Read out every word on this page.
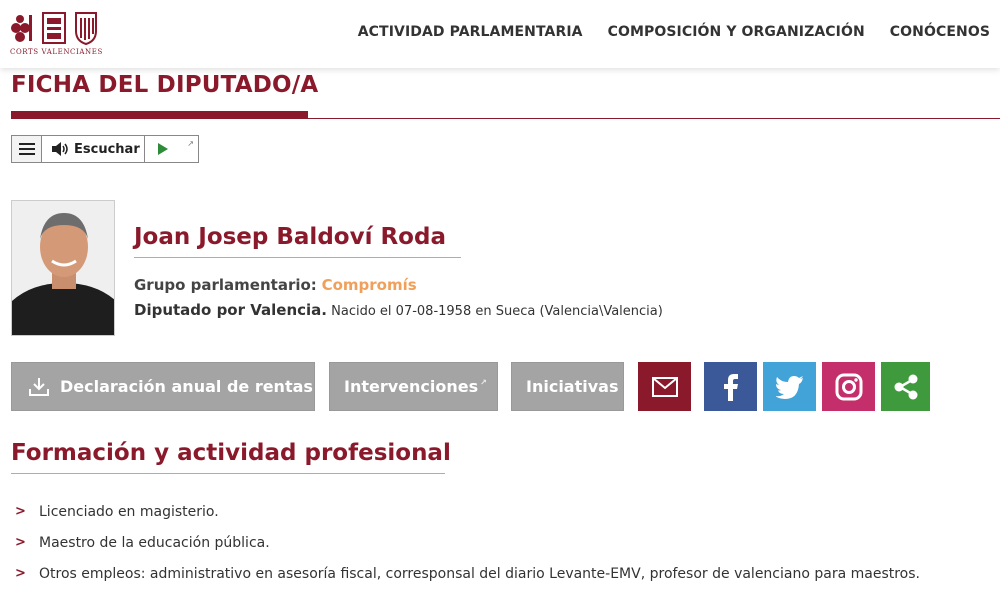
CORTS VALENCIANES
ACTIVIDAD PARLAMENTARIA COMPOSICIÓN Y ORGANIZACIÓN CONÓCENOS
FICHA DEL DIPUTADO/A
Escuchar	↗
Joan Josep Baldoví Roda
Grupo parlamentario: Compromís
Diputado por Valencia. Nacido el 07-08-1958 en Sueca (Valencia\Valencia)
Declaración anual de rentas Intervenciones ↗ Iniciativas
Formación y actividad profesional
> Licenciado en magisterio.
> Maestro de la educación pública.
> Otros empleos: administrativo en asesoría fiscal, corresponsal del diario Levante-EMV, profesor de valenciano para maestros.
